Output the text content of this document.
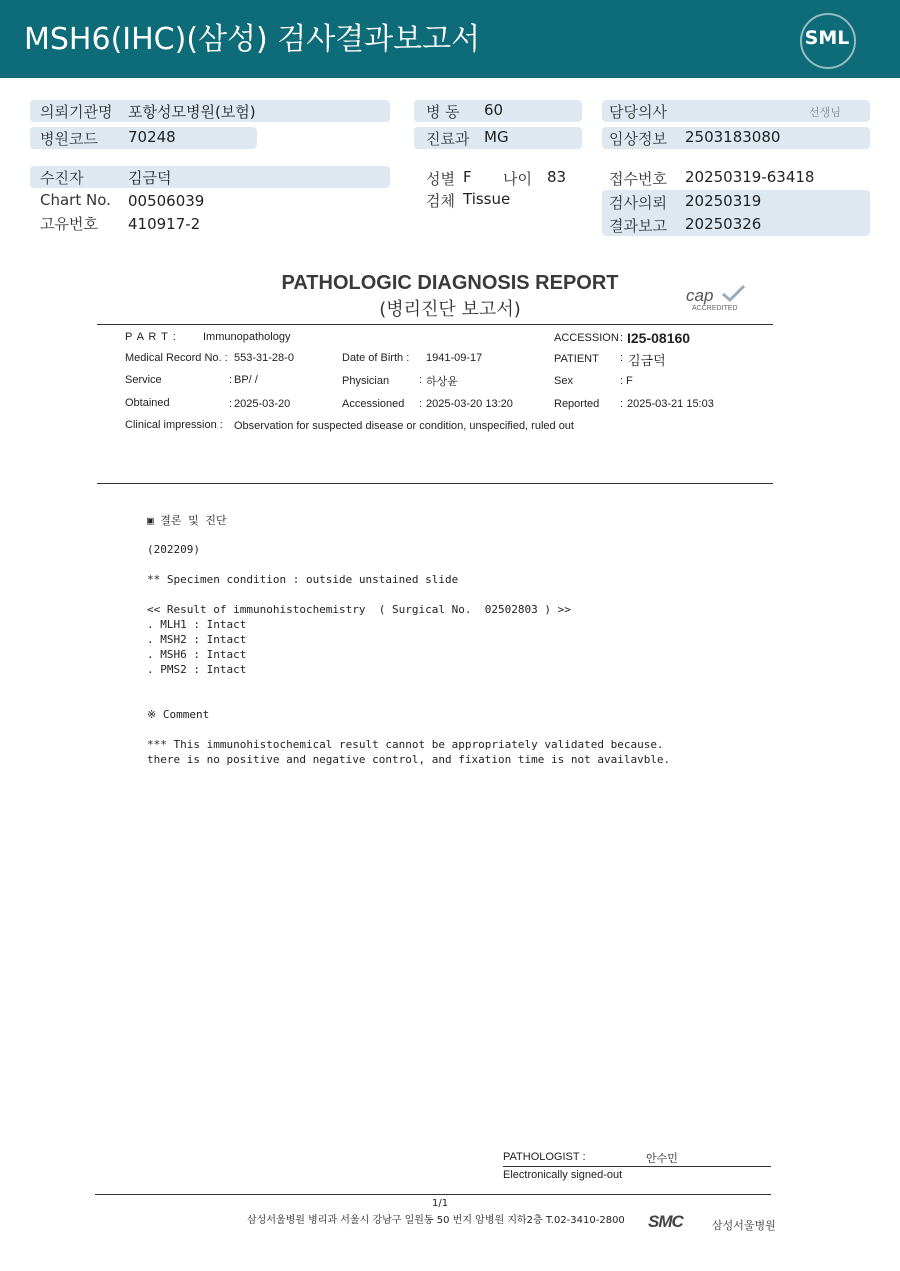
MSH6(IHC)(삼성) 검사결과보고서	SML
의뢰기관명 포항성모병원(보험)
병원코드 70248
병 동 60
진료과 MG
담당의사	선생님
임상정보 2503183080
수진자	김금덕
Chart No. 00506039
고유번호 410917-2
성별 F 나이 83
검체 Tissue
접수번호 20250319-63418
검사의뢰 20250319
결과보고 20250326
PATHOLOGIC DIAGNOSIS REPORT
(병리진단 보고서)
cap
ACCREDITED
P A R T : Immunopathology	ACCESSION : I25-08160
Medical Record No. : 553-31-28-0	Date of Birth : 1941-09-17	PATIENT : 김금덕
Service	: BP/ /	Physician	: 하상윤	Sex	: F
Obtained	: 2025-03-20	Accessioned : 2025-03-20 13:20	Reported : 2025-03-21 15:03
Clinical impression : Observation for suspected disease or condition, unspecified, ruled out
▣ 결론 및 진단
(202209)
** Specimen condition : outside unstained slide
<< Result of immunohistochemistry  ( Surgical No.  02502803 ) >>
. MLH1 : Intact
. MSH2 : Intact
. MSH6 : Intact
. PMS2 : Intact
※ Comment
*** This immunohistochemical result cannot be appropriately validated because.
there is no positive and negative control, and fixation time is not availavble.
PATHOLOGIST :	안수민
Electronically signed-out
1/1
삼성서울병원 병리과 서울시 강남구 일원동 50 번지 암병원 지하2층 T.02-3410-2800 SMC	삼성서울병원
